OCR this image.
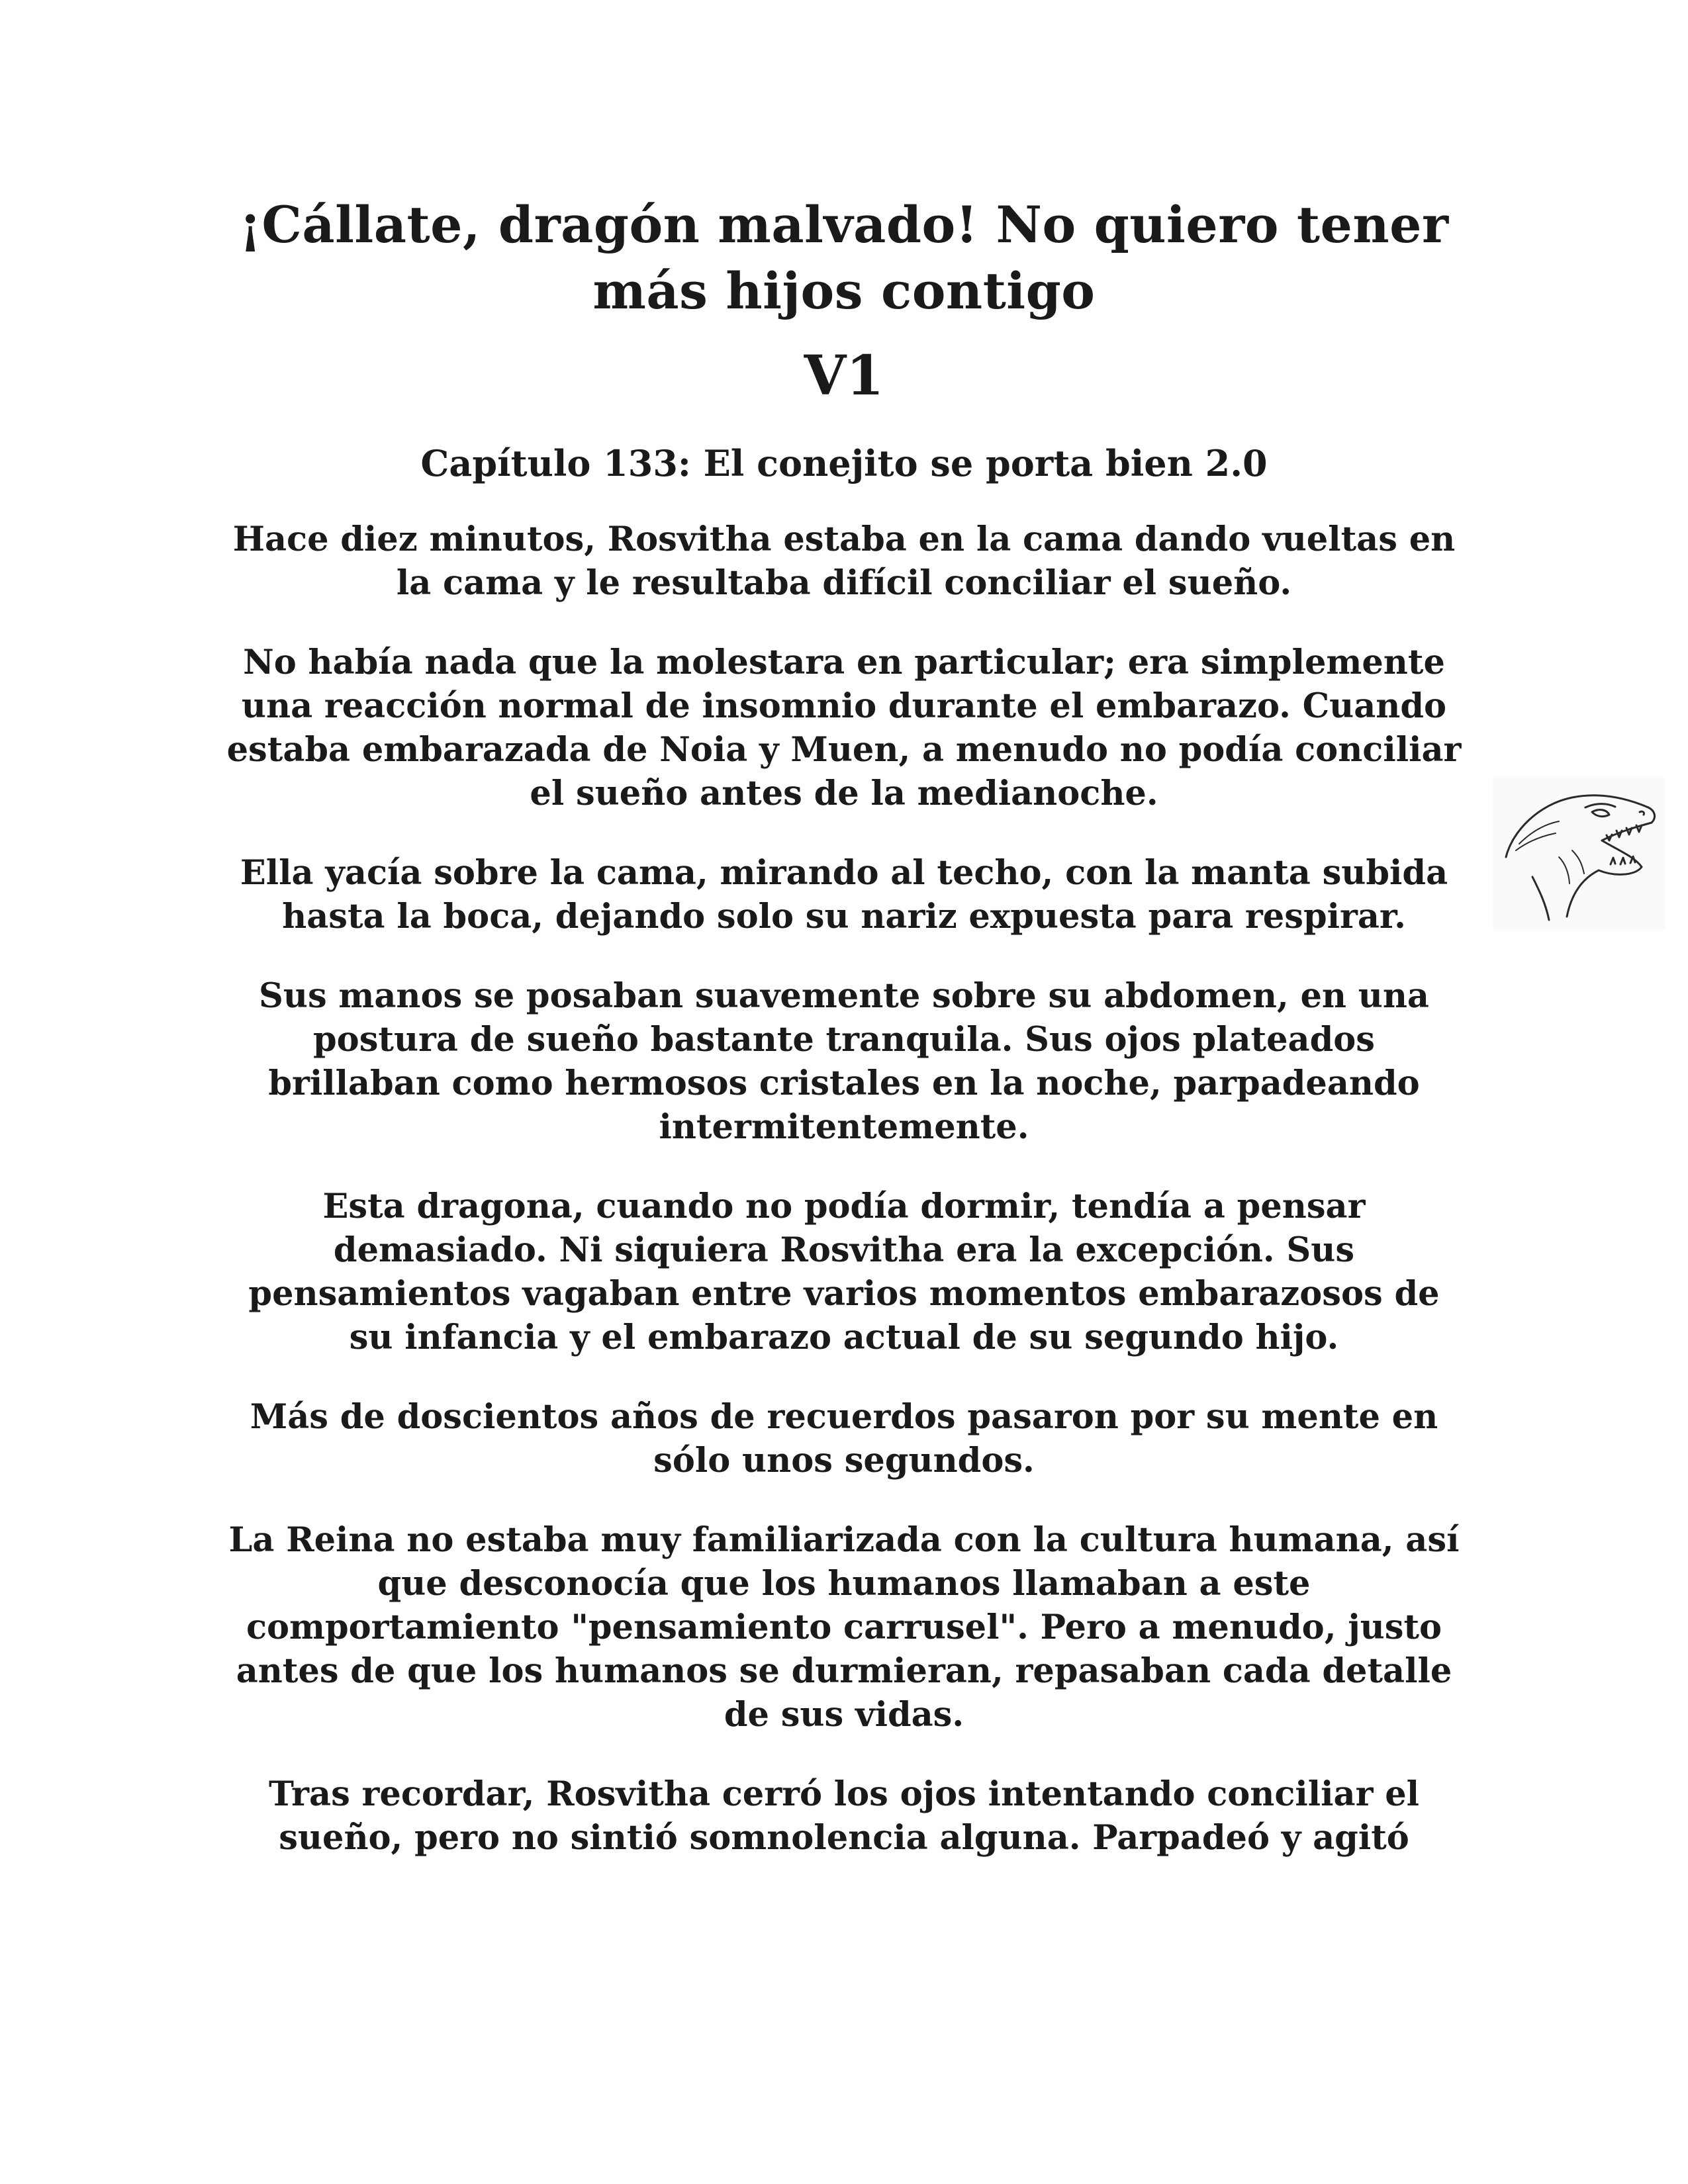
¡Cállate, dragón malvado! No quiero tener más hijos contigo
V1
Capítulo 133: El conejito se porta bien 2.0

Hace diez minutos, Rosvitha estaba en la cama dando vueltas en la cama y le resultaba difícil conciliar el sueño.

No había nada que la molestara en particular; era simplemente una reacción normal de insomnio durante el embarazo. Cuando estaba embarazada de Noia y Muen, a menudo no podía conciliar el sueño antes de la medianoche.

Ella yacía sobre la cama, mirando al techo, con la manta subida hasta la boca, dejando solo su nariz expuesta para respirar.

Sus manos se posaban suavemente sobre su abdomen, en una postura de sueño bastante tranquila. Sus ojos plateados brillaban como hermosos cristales en la noche, parpadeando intermitentemente.

Esta dragona, cuando no podía dormir, tendía a pensar demasiado. Ni siquiera Rosvitha era la excepción. Sus pensamientos vagaban entre varios momentos embarazosos de su infancia y el embarazo actual de su segundo hijo.

Más de doscientos años de recuerdos pasaron por su mente en sólo unos segundos.

La Reina no estaba muy familiarizada con la cultura humana, así que desconocía que los humanos llamaban a este comportamiento "pensamiento carrusel". Pero a menudo, justo antes de que los humanos se durmieran, repasaban cada detalle de sus vidas.

Tras recordar, Rosvitha cerró los ojos intentando conciliar el sueño, pero no sintió somnolencia alguna. Parpadeó y agitó
